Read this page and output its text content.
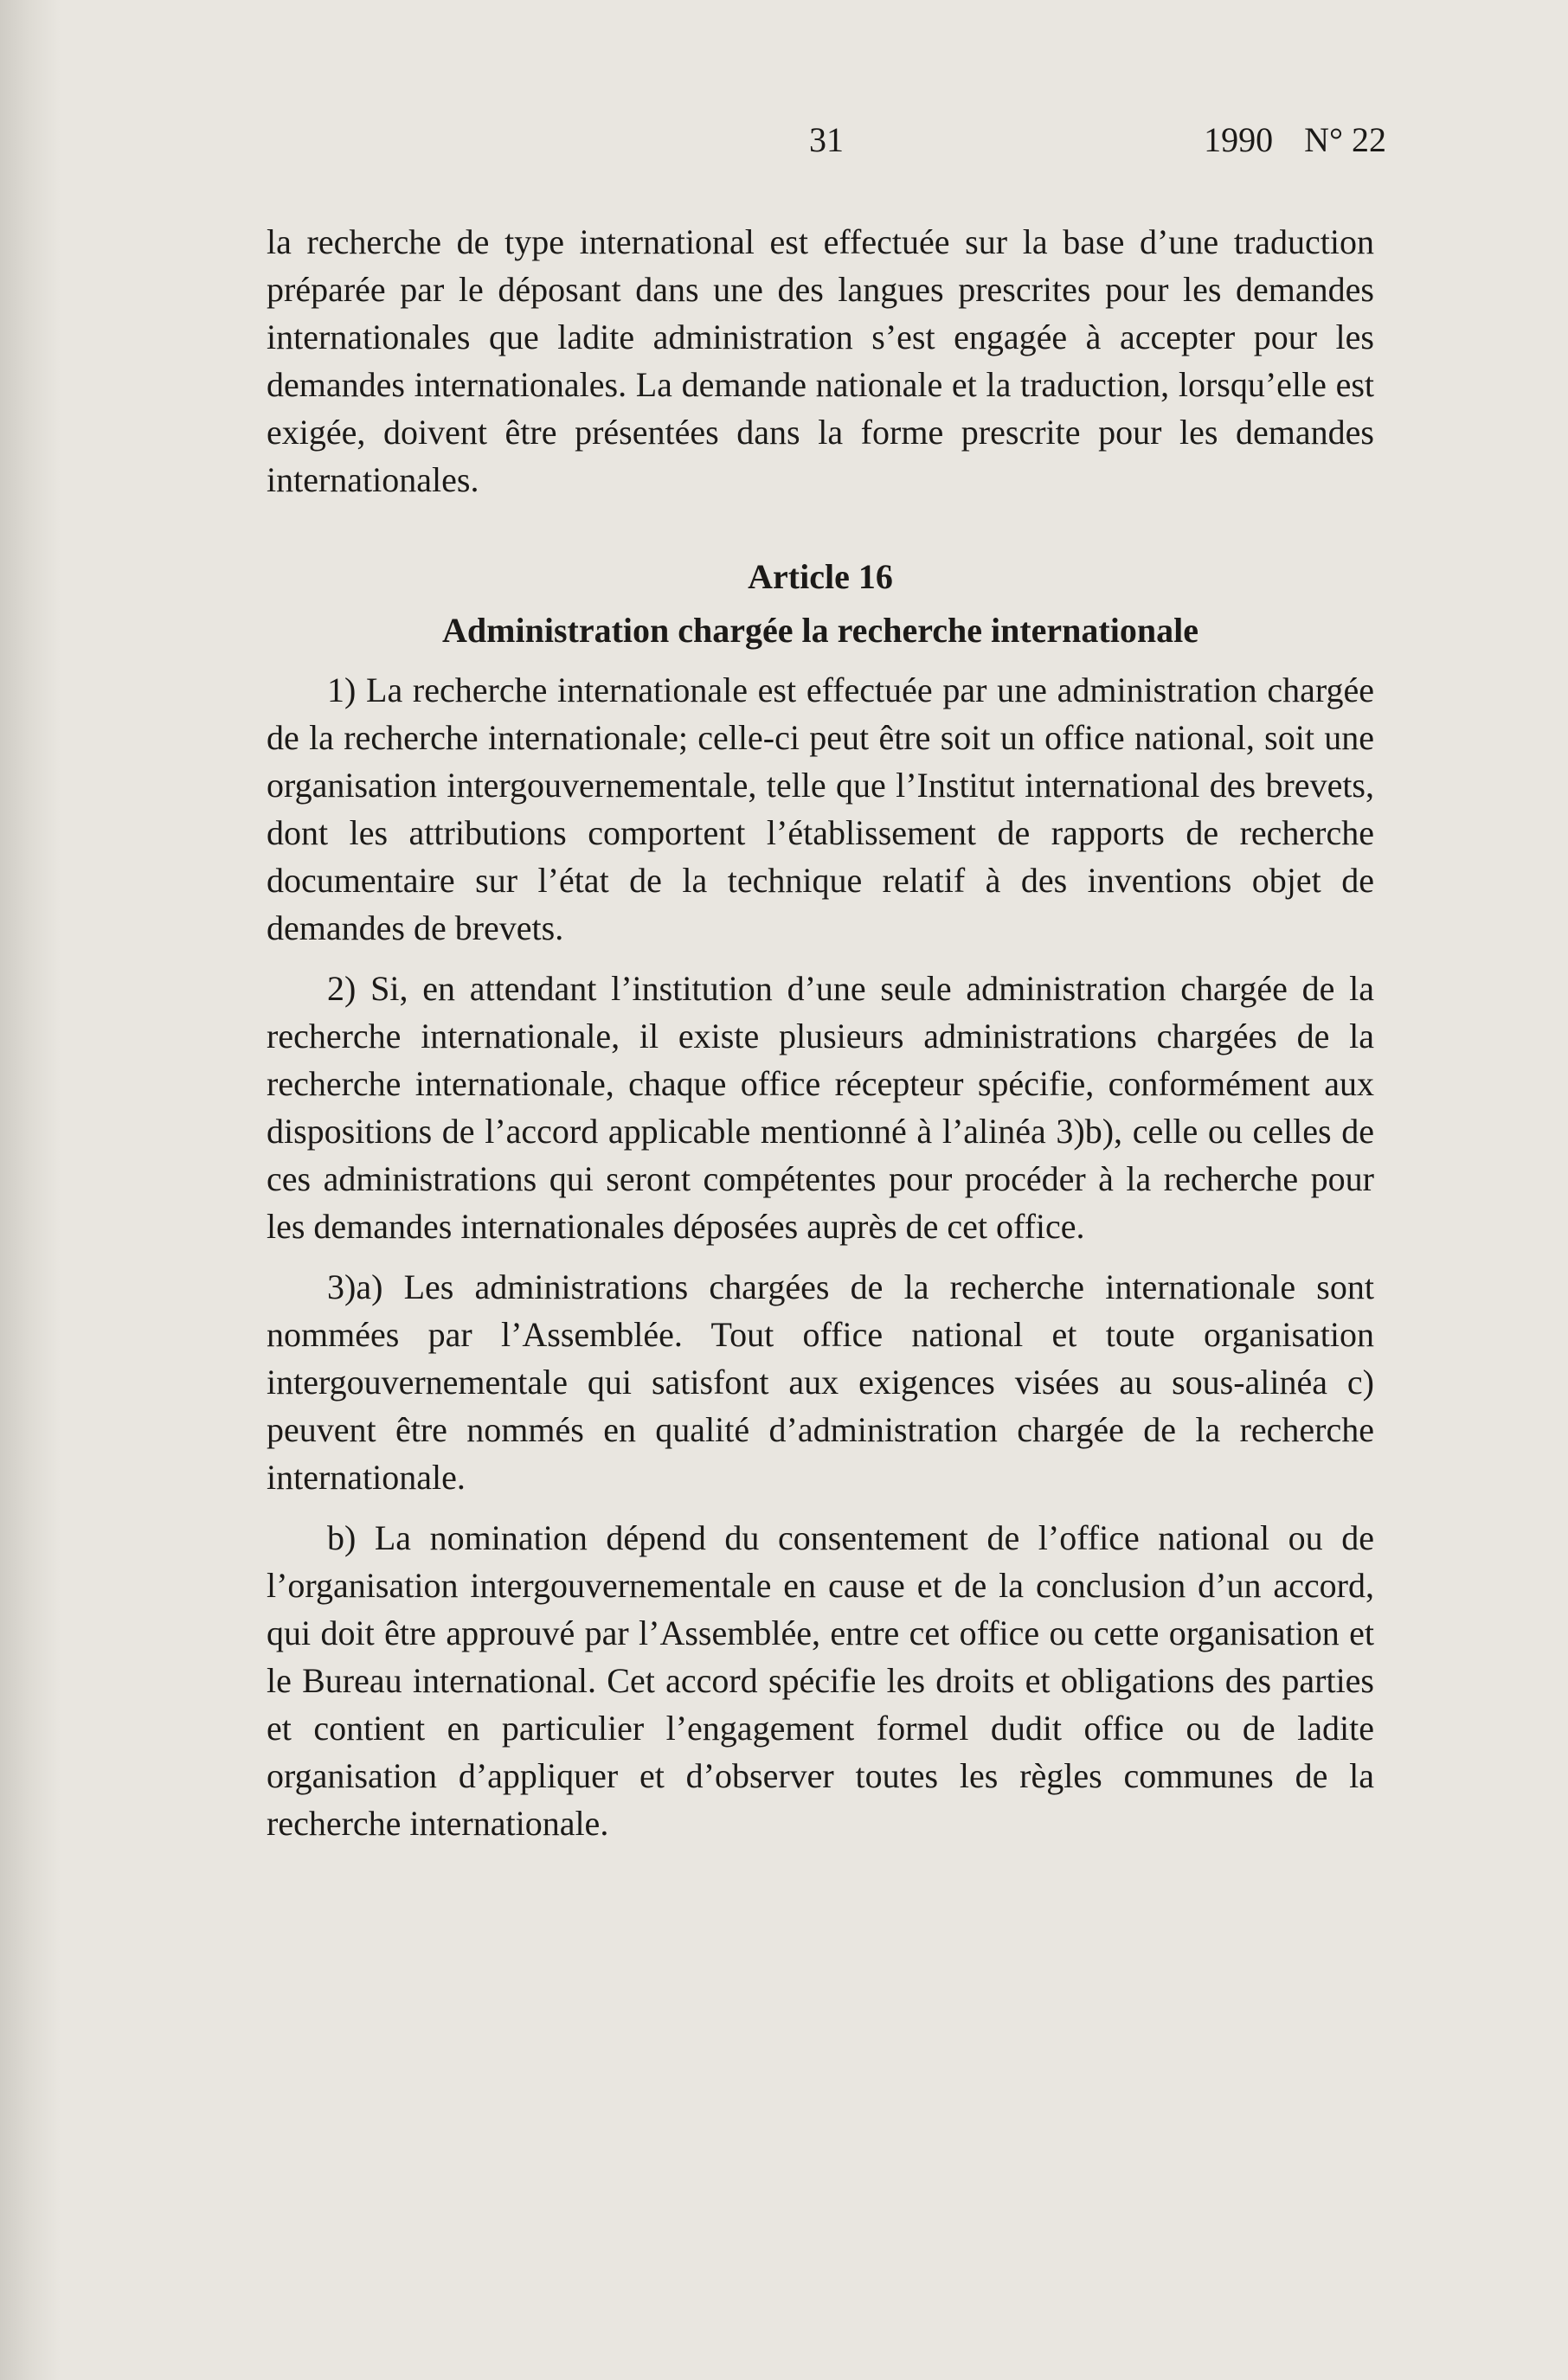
31	1990 N° 22

la recherche de type international est effectuée sur la base d’une traduction préparée par le déposant dans une des langues prescrites pour les demandes internationales que ladite administration s’est engagée à accepter pour les demandes internationales. La demande nationale et la traduction, lorsqu’elle est exigée, doivent être présentées dans la forme prescrite pour les demandes internationales.

Article 16
Administration chargée la recherche internationale

1) La recherche internationale est effectuée par une administration chargée de la recherche internationale; celle-ci peut être soit un office national, soit une organisation intergouvernementale, telle que l’Institut international des brevets, dont les attributions comportent l’établissement de rapports de recherche documentaire sur l’état de la technique relatif à des inventions objet de demandes de brevets.

2) Si, en attendant l’institution d’une seule administration chargée de la recherche internationale, il existe plusieurs administrations chargées de la recherche internationale, chaque office récepteur spécifie, conformément aux dispositions de l’accord applicable mentionné à l’alinéa 3)b), celle ou celles de ces administrations qui seront compétentes pour procéder à la recherche pour les demandes internationales déposées auprès de cet office.

3)a) Les administrations chargées de la recherche internationale sont nommées par l’Assemblée. Tout office national et toute organisation intergouvernementale qui satisfont aux exigences visées au sous-alinéa c) peuvent être nommés en qualité d’administration chargée de la recherche internationale.

b) La nomination dépend du consentement de l’office national ou de l’organisation intergouvernementale en cause et de la conclusion d’un accord, qui doit être approuvé par l’Assemblée, entre cet office ou cette organisation et le Bureau international. Cet accord spécifie les droits et obligations des parties et contient en particulier l’engagement formel dudit office ou de ladite organisation d’appliquer et d’observer toutes les règles communes de la recherche internationale.
